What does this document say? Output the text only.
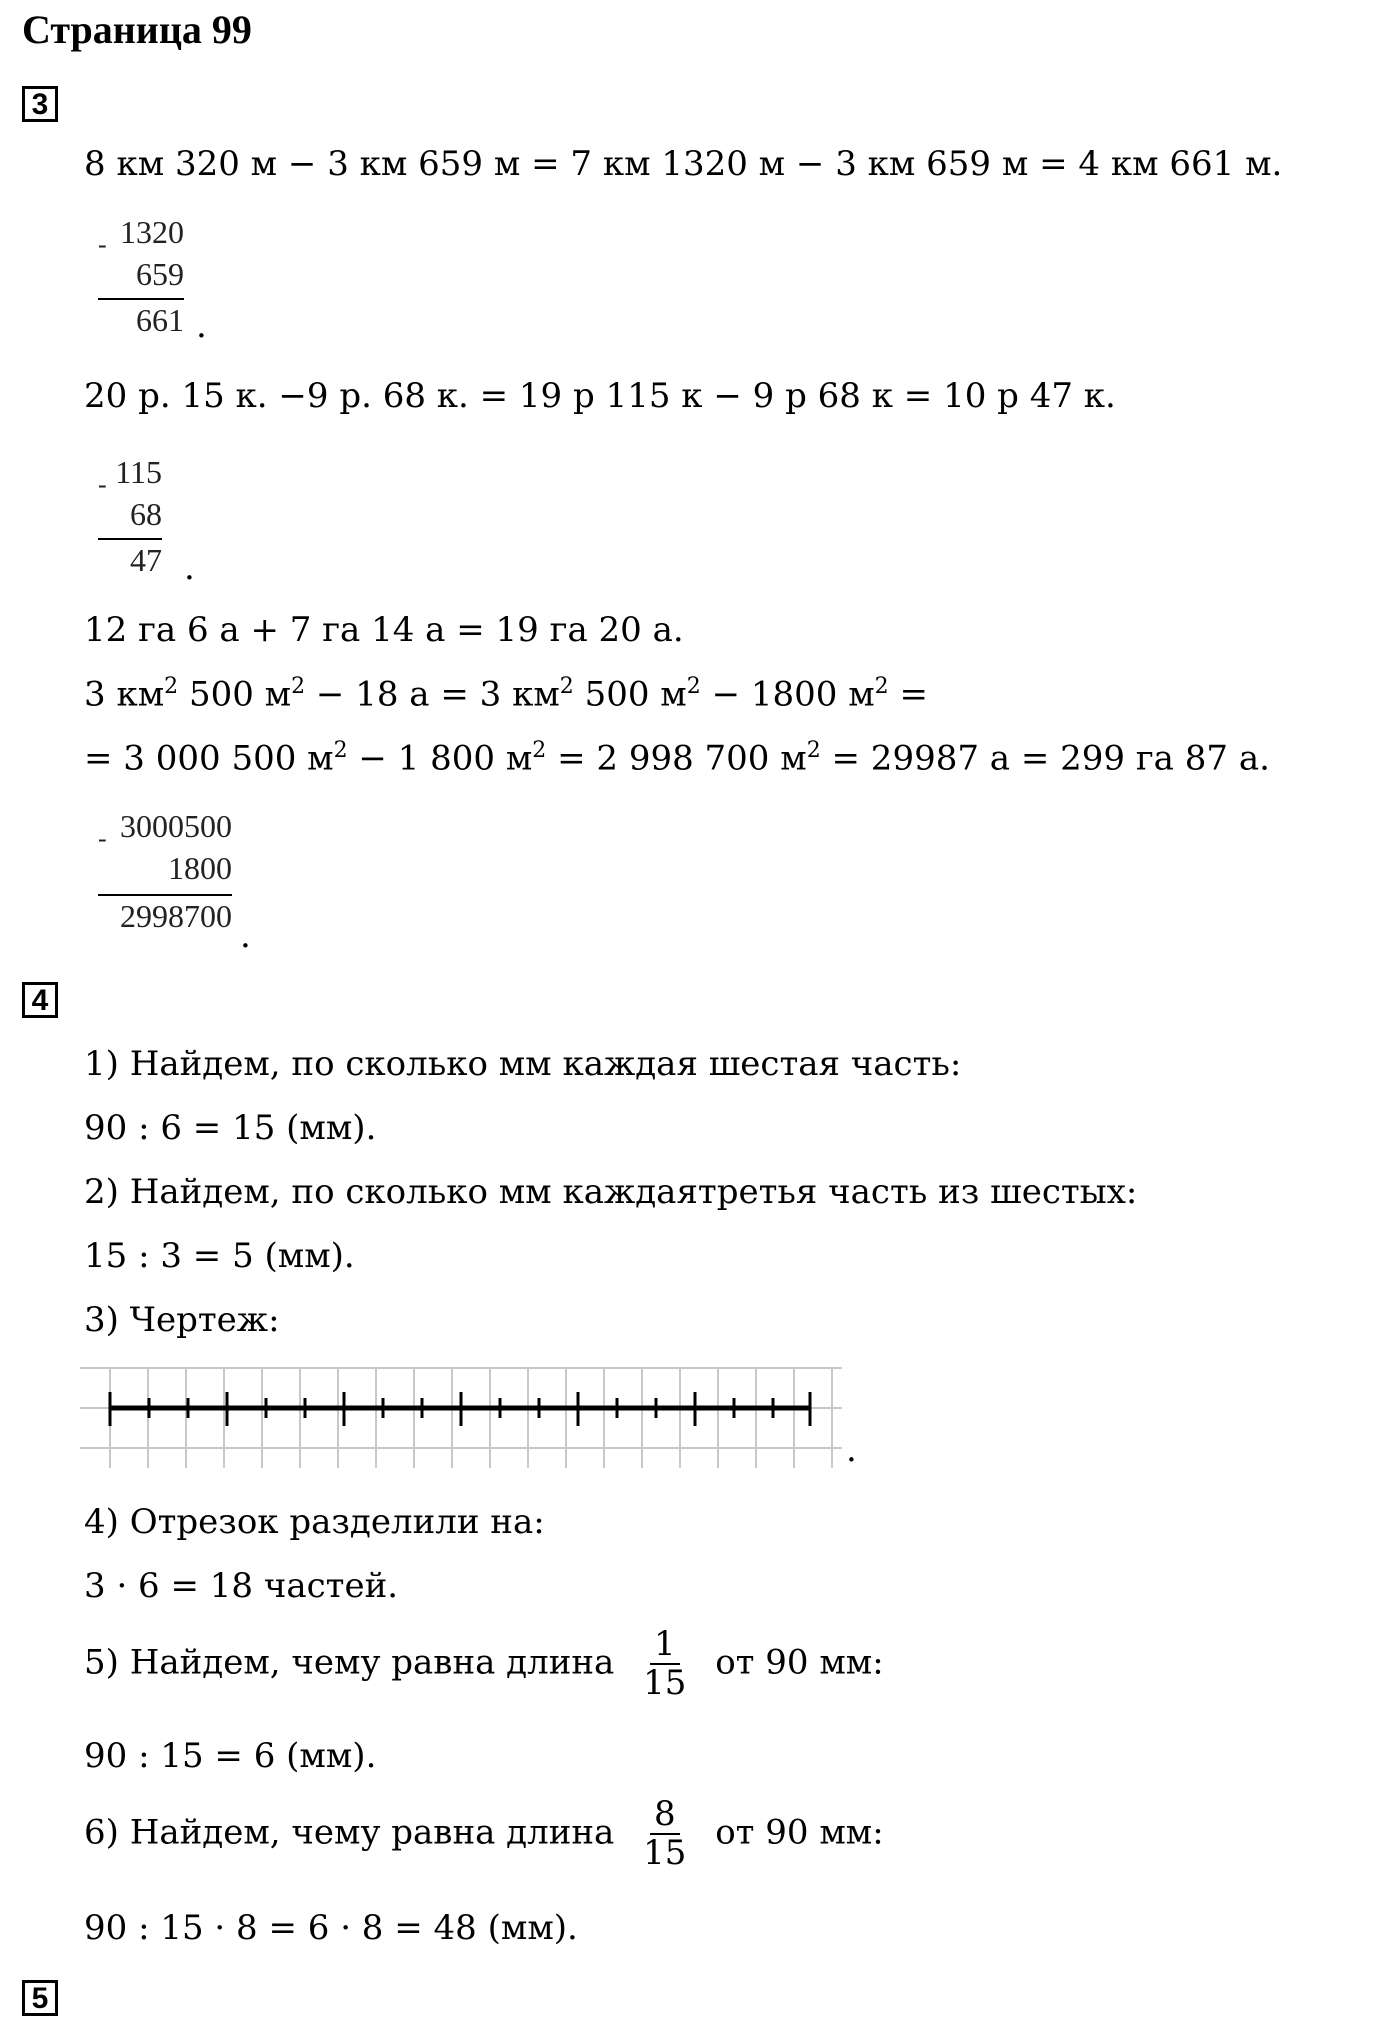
Страница 99
3
8 км 320 м − 3 км 659 м = 7 км 1320 м − 3 км 659 м = 4 км 661 м.
- 1320
659
661 .
20 р. 15 к. −9 р. 68 к. = 19 р 115 к − 9 р 68 к = 10 р 47 к.
- 115
68
47 .
12 га 6 а + 7 га 14 а = 19 га 20 а.
3 $км^2$ 500 $м^2 - 18$ а = 3 $км^2$ 500 $м^2 - 1800$ $м^2$ =
= 3 000 500 $м^2 - 1$ 800 $м^2 = 2$ 998 700 $м^2 = 29987$ а = 299 га 87 а.
- 3000500
1800
2998700 .
4
1) Найдем, по сколько мм каждая шестая часть:
90 : 6 = 15 (мм).
2) Найдем, по сколько мм каждаятретья часть из шестых:
15 : 3 = 5 (мм).
3) Чертеж:
.
4) Отрезок разделили на:
3 · 6 = 18 частей.
5) Найдем, чему равна длина $\frac{1}{15}$ от 90 мм:
90 : 15 = 6 (мм).
6) Найдем, чему равна длина $\frac{8}{15}$ от 90 мм:
90 : 15 · 8 = 6 · 8 = 48 (мм).
5
